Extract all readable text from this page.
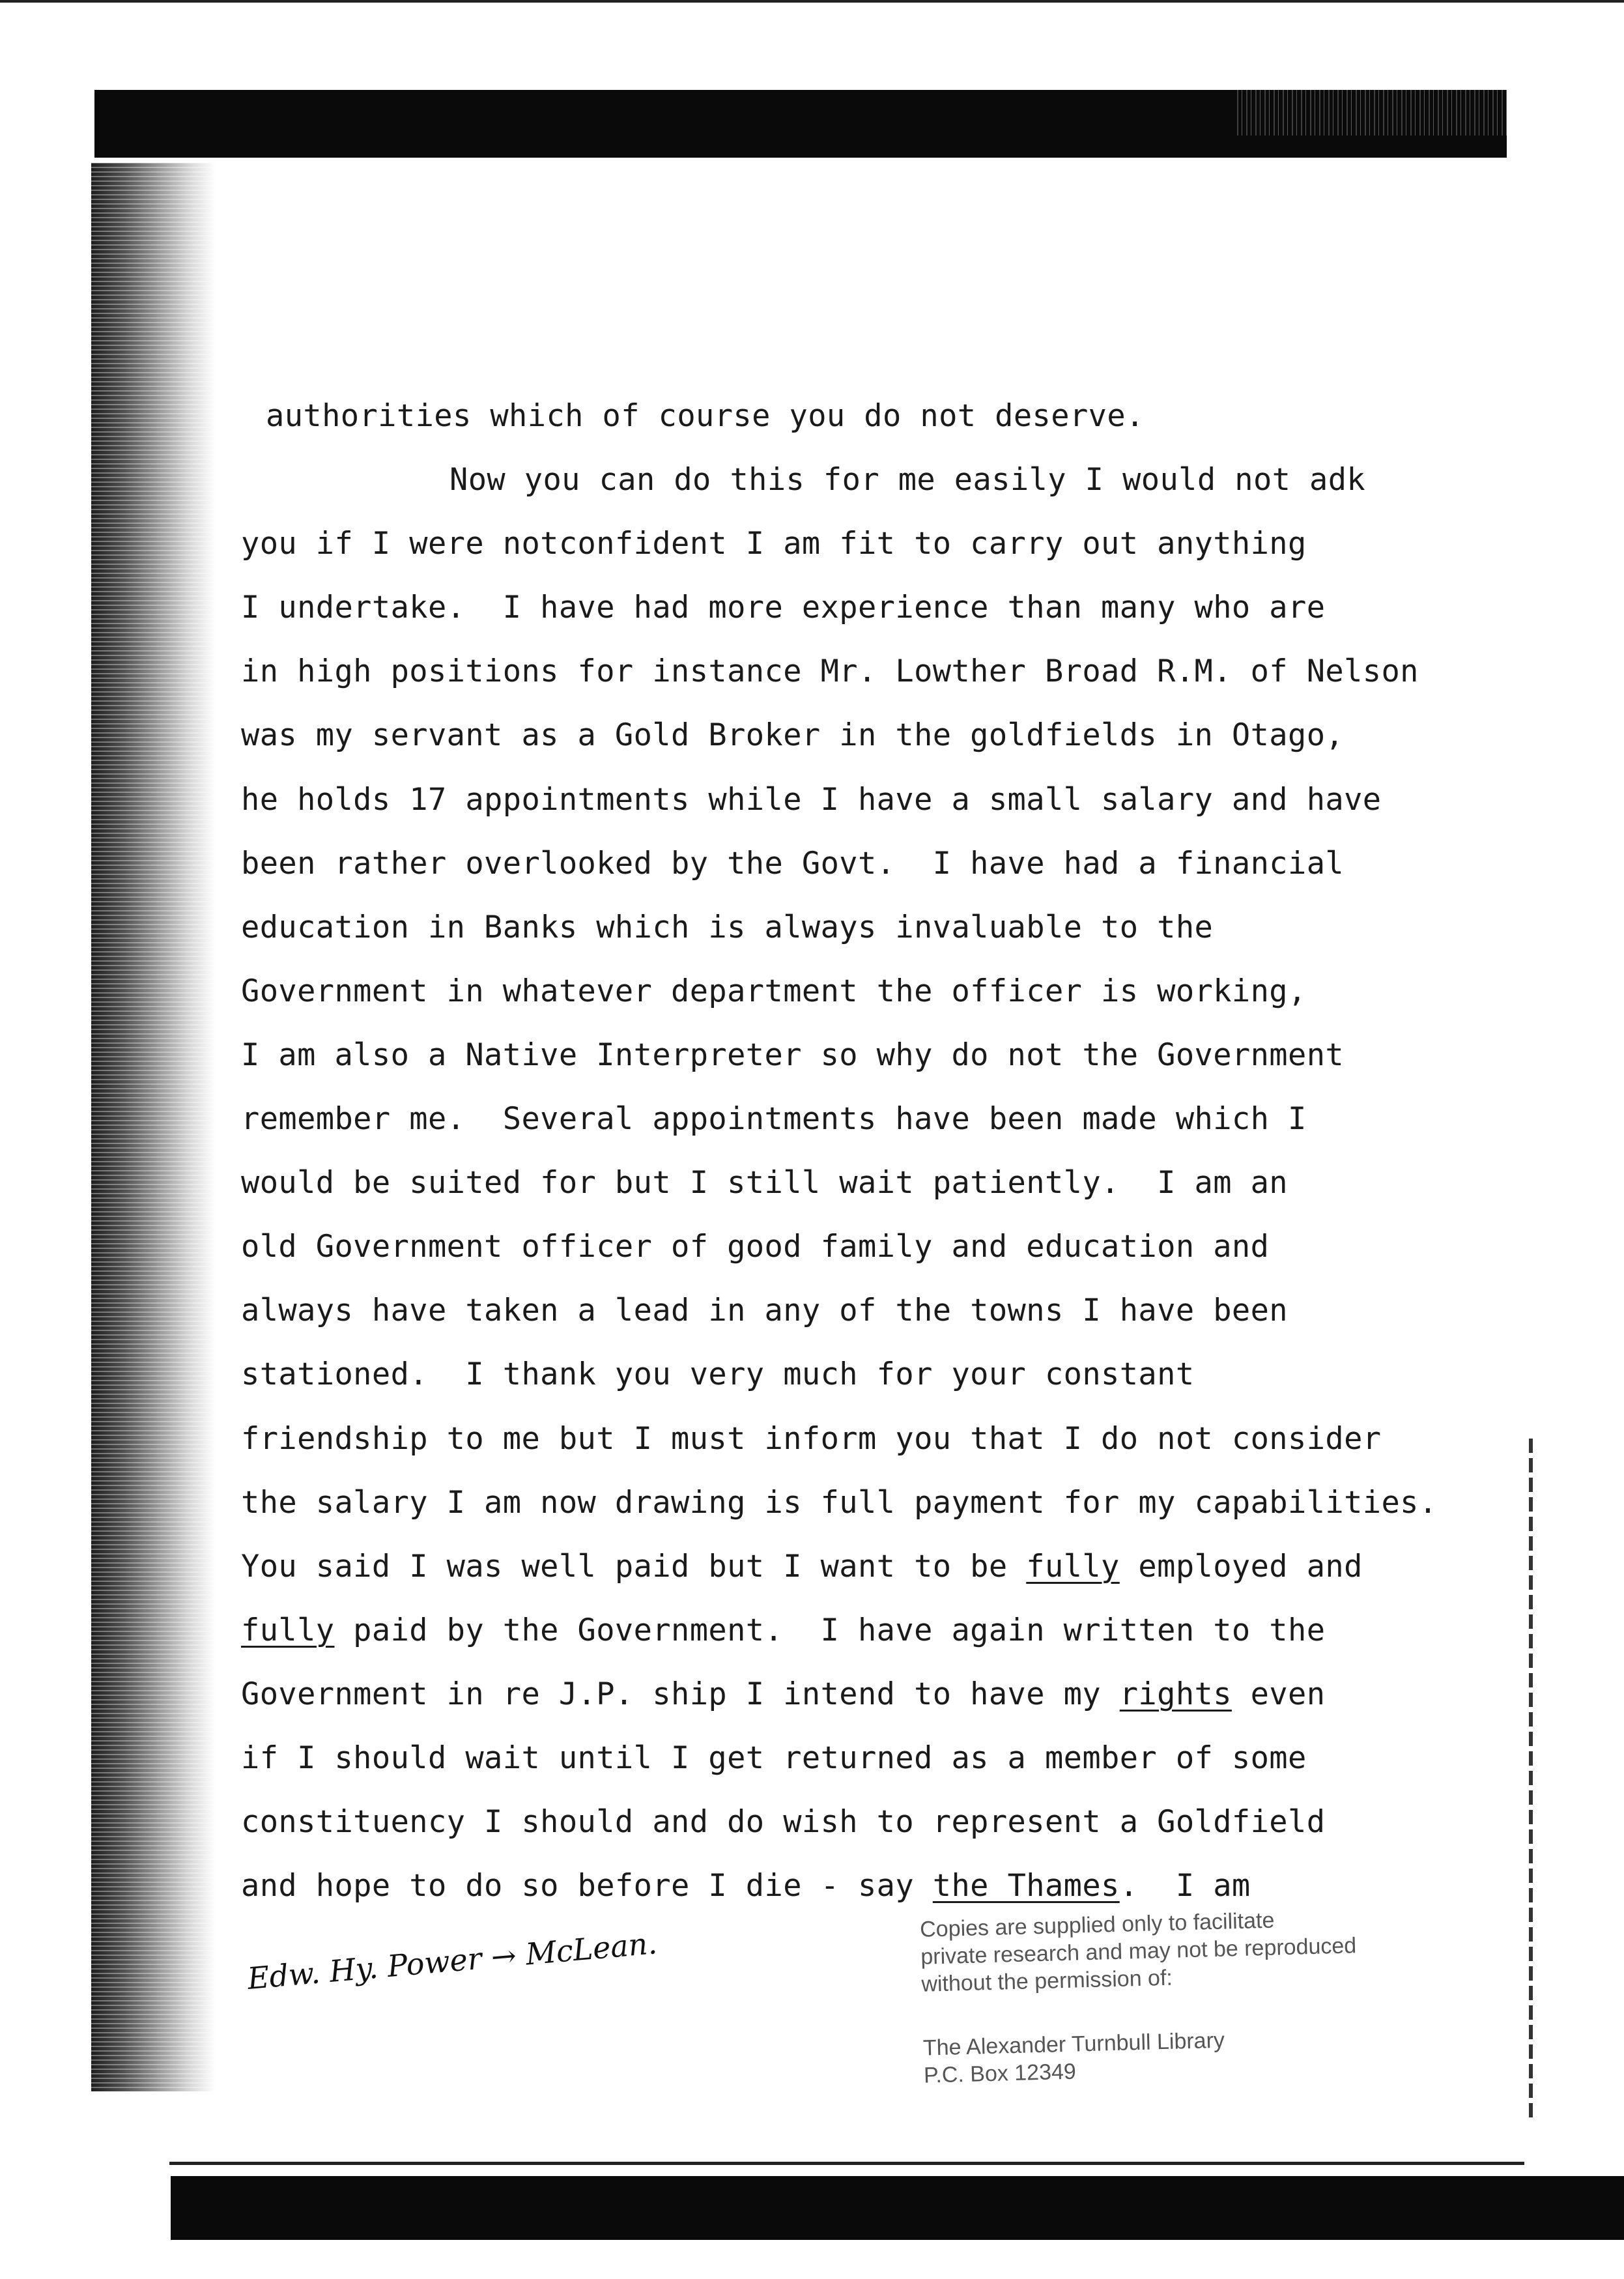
authorities which of course you do not deserve.
Now you can do this for me easily I would not adk
you if I were notconfident I am fit to carry out anything
I undertake.  I have had more experience than many who are
in high positions for instance Mr. Lowther Broad R.M. of Nelson
was my servant as a Gold Broker in the goldfields in Otago,
he holds 17 appointments while I have a small salary and have
been rather overlooked by the Govt.  I have had a financial
education in Banks which is always invaluable to the
Government in whatever department the officer is working,
I am also a Native Interpreter so why do not the Government
remember me.  Several appointments have been made which I
would be suited for but I still wait patiently.  I am an
old Government officer of good family and education and
always have taken a lead in any of the towns I have been
stationed.  I thank you very much for your constant
friendship to me but I must inform you that I do not consider
the salary I am now drawing is full payment for my capabilities.
You said I was well paid but I want to be fully employed and
fully paid by the Government.  I have again written to the
Government in re J.P. ship I intend to have my rights even
if I should wait until I get returned as a member of some
constituency I should and do wish to represent a Goldfield
and hope to do so before I die - say the Thames.  I am
Edw. Hy. Power → McLean.
Copies are supplied only to facilitate
private research and may not be reproduced
without the permission of:
The Alexander Turnbull Library
P.C. Box 12349
